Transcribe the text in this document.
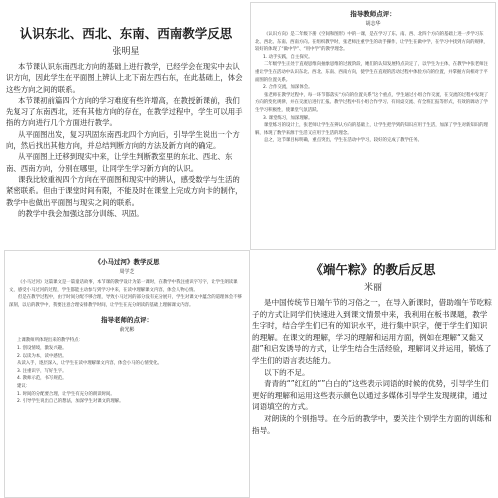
认识东北、西北、东南、西南教学反思
张明星

本节课认识东南西北方向的基础上进行教学，已经学会在现实中去认识方向，因此学生在平面图上辨认上北下南左西右东，在此基础上，体会这些方向之间的联系。

本节课初前篇四个方向的学习难度有些许增高，在教授新课前，我们先复习了东南西北，还有其他方向的存在，在教学过程中，学生可以用手指的方向进行几个方面进行教学。

从平面图出发，复习巩固东南西北四个方向后，引导学生说出一个方向，然后找出其他方向，并总结判断方向的方法及新方向的确定。

从平面图上迁移到现实中来，让学生判断教室里的东北、西北、东南、西南方向，分别在哪里，让同学生学习新方向的认识。

课我比较重视四个方向在平面图和现实中的辨认，感受数学与生活的紧密联系。但由于课堂时间有限，不能及时在课堂上完成方向卡的制作，教学中也做出平面图与现实之间的联系。

的教学中我会加强这部分训练、巩固。

指导教师点评：
胡志华

《认识方向》是二年级下册《空间和图形》中的一课，是在学习了东、南、西、北四个方向的基础上进一步学习东北、西北、东南、西南方向。在组织教学时，张老师注重学生的动手操作，让学生在做中学，在学习中找到方向的规律，较好的体现了“做中学”、“用中学”的教学理念。

1. 动手实践，自主探究。

二年级学生正处于直观思维向抽象思维的过渡阶段，她们的认知发展特点决定了，以学生为主体，在教学中张老师注重让学生在活动中认识东北、西北、东南、西南方向，使学生在直观的活动过程中体验方向的位置，并掌握方向相对于平面图的位置关系。

2. 合作交流，加深体会。

张老师在教学过程中，每一环节都落实“方向的位置关系”这个重点，学生通过小组合作交流，在交流的过程中发现了方向的变化规律，并在交流后进行汇报。教学过程中有小组合作学习、有同桌交流、有全班汇报等形式，有效的调动了学生学习积极性，使课堂气氛活跃。

3. 课堂练习，加深理解。

课堂练习的设计上，张老师让学生在辨认方向的基础上，让学生把学到的知识应用于生活，加深了学生对新知识的理解，体现了数学来源于生活又应用于生活的理念。

总之，这节课目标明确，重点突出，学生在活动中学习，较好的完成了教学任务。

《小马过河》教学反思
周学芝

《小马过河》这篇课文是一篇童话故事，本节课的教学设计为第一课时，在教学中我注重识字写字，让学生朗读课文，感受小马过河的过程，学生都能主动参与到学习中来，在读中理解课文内容，体会人物心情。

但是在教学过程中，由于时间分配不够合理，导致小马过河的部分没有充分展开，学生对课文中蕴含的道理体会不够深刻，以后的教学中，我要注意合理安排教学时间，让学生在充分朗读的基础上理解课文内容。

指导老师的点评：
俞光彬

上课教师所体现出来的教学特点：

1. 创设情境，激发兴趣。

2. 以读为本，读中感悟。

从读入手，逐层深入，让学生在读中理解课文内容，体会小马的心情变化。

3. 注重识字，写好生字。

4. 教师示范，书写规范。

建议：

1. 时间的分配要合理，让学生有充分的朗读时间。

2. 引导学生说出自己的想法，加深学生对课文的理解。

《端午粽》的教后反思
米丽

是中国传统节日端午节的习俗之一，在导入新课时，借助端午节吃粽子的方式让同学们快速进入到课文情景中来，我利用在板书课题，教学生字时，结合学生们已有的知识水平，进行集中识字，便于学生们知识的理解。在课文的理解，学习的理解和运用方面，例如在理解“又黏又甜”和启发诱导的方式，让学生结合生活经验，理解词义并运用，锻炼了学生们的语言表达能力。

以下的不足。

青青的“”红红的“”白白的“这些表示词语的时候的优势，引导学生们更好的理解和运用这些表示颜色以通过多媒体引导学生发现规律，通过词语填空的方式。

对朗读的个别指导。在今后的教学中，要关注个别学生方面的训练和指导。
